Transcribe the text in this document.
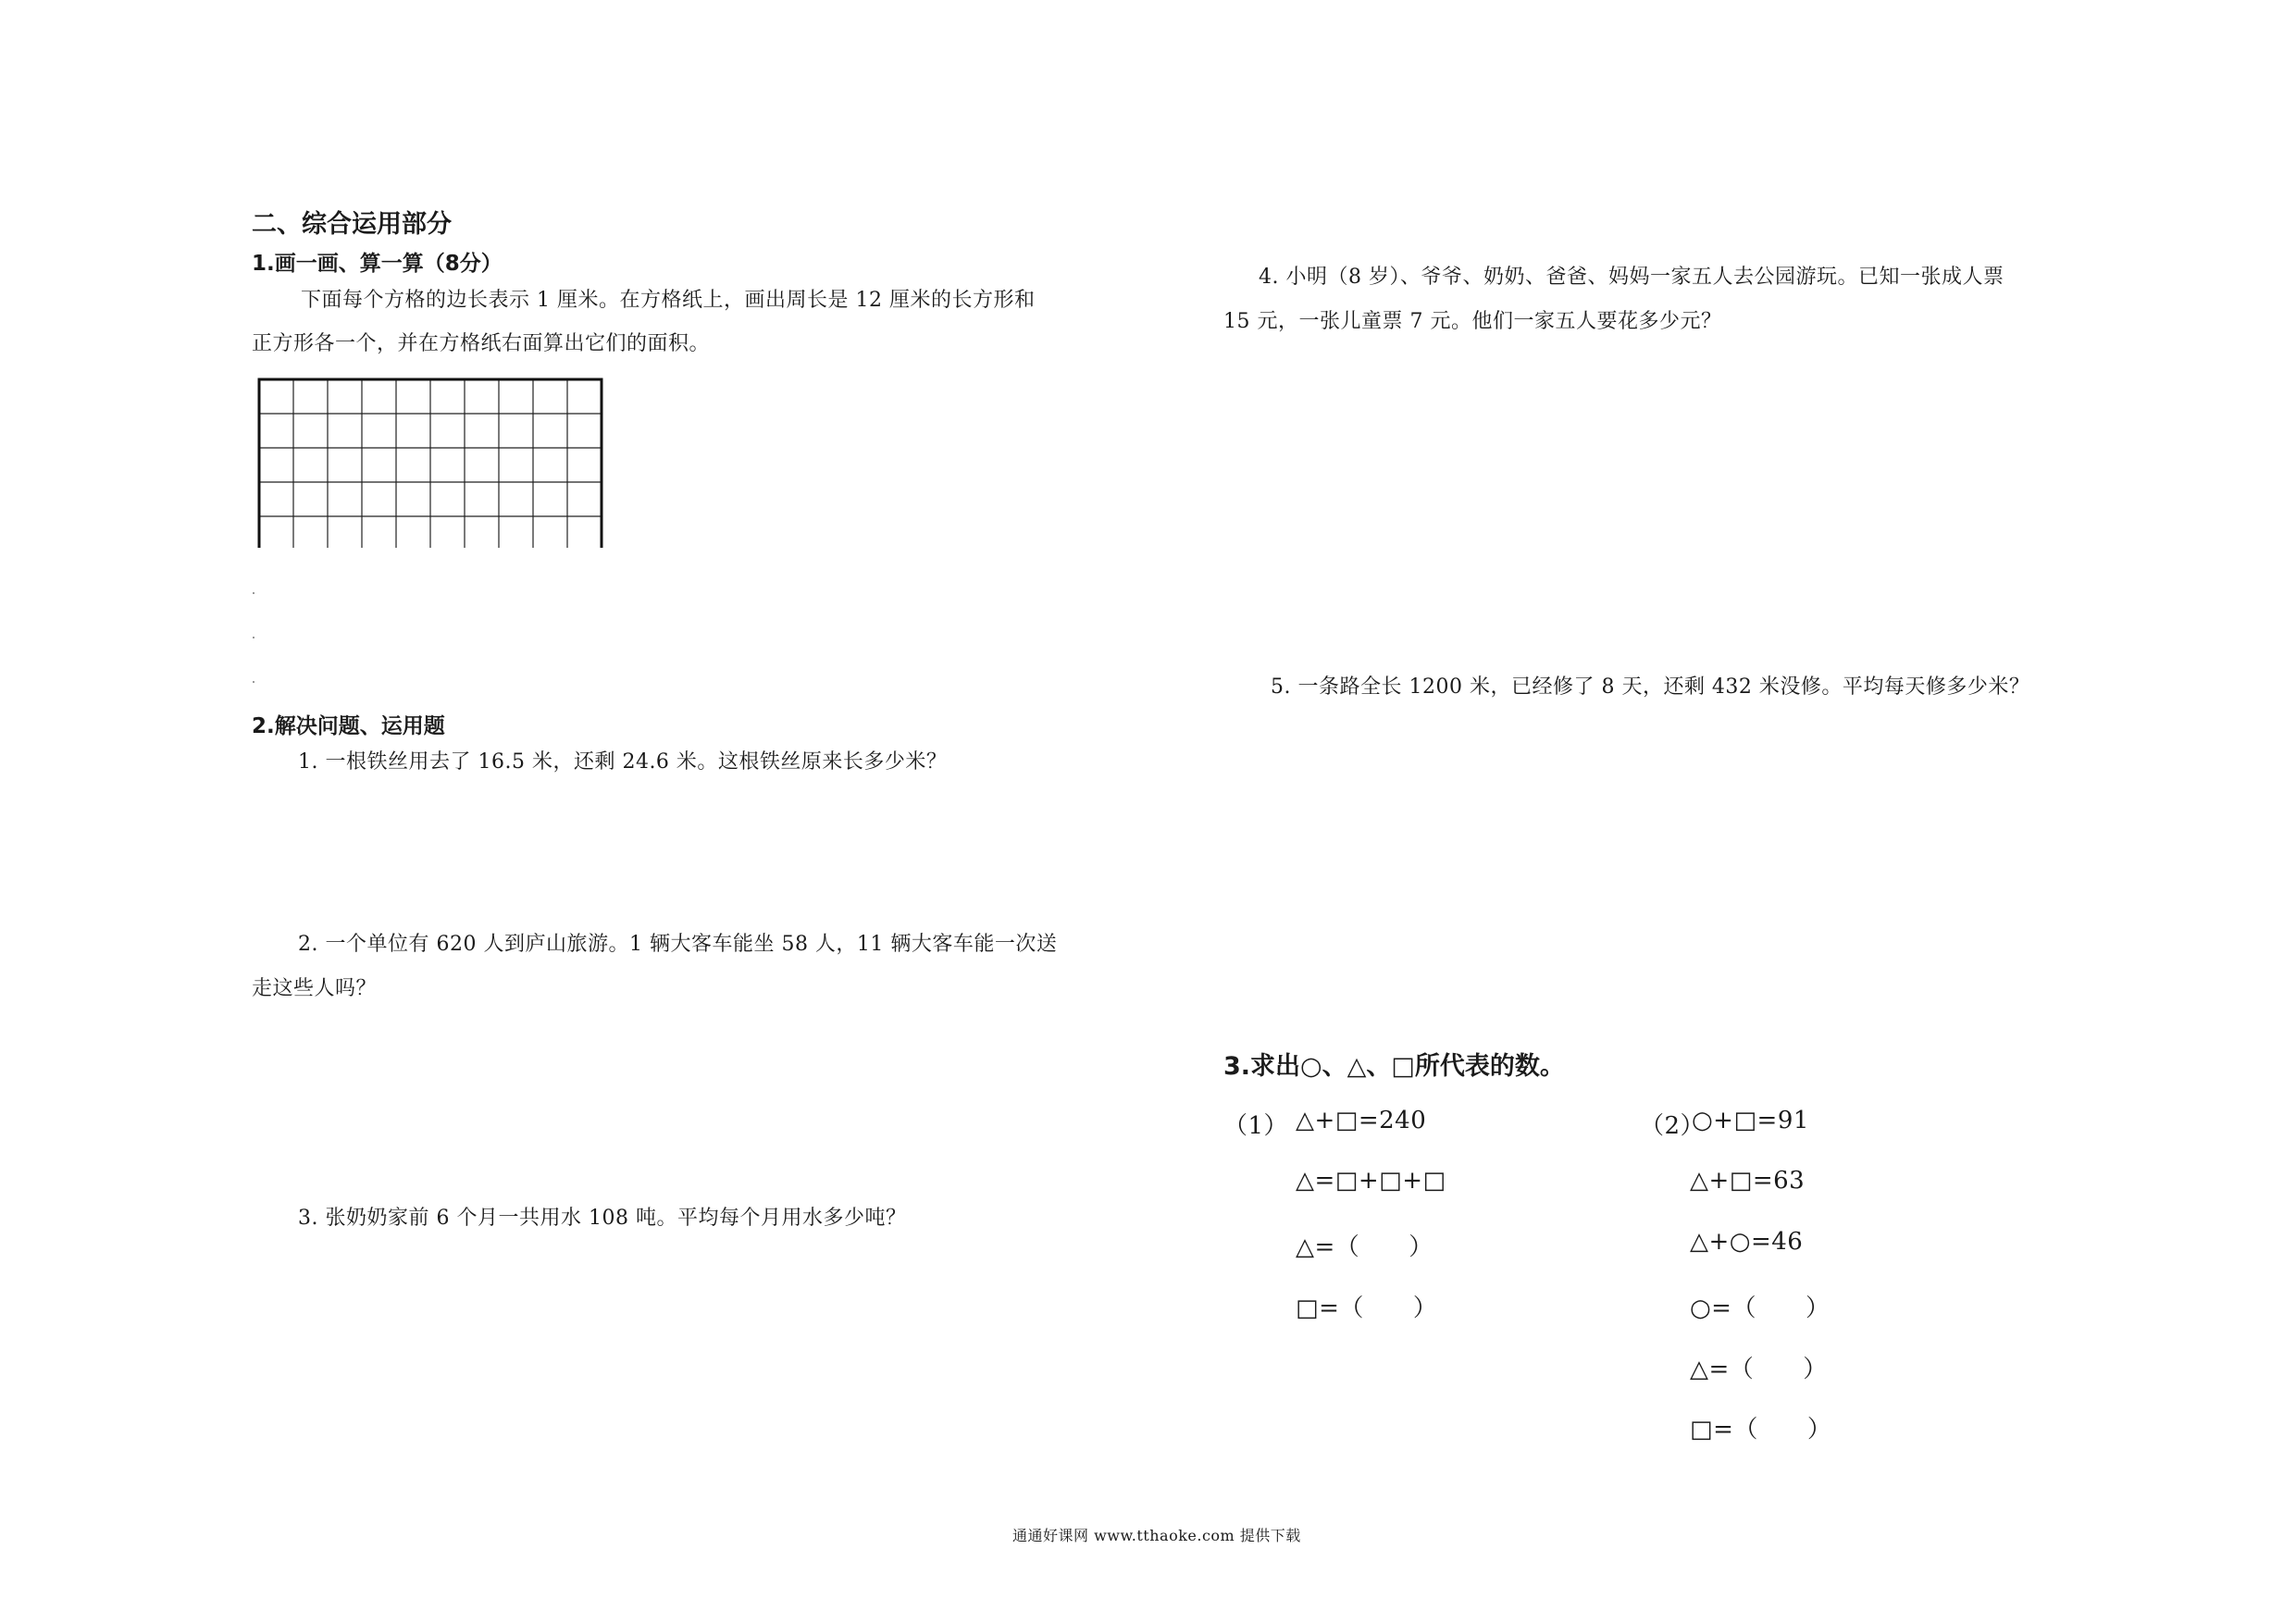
二、综合运用部分
1.画一画、算一算（8分）
下面每个方格的边长表示 1 厘米。在方格纸上，画出周长是 12 厘米的长方形和
正方形各一个，并在方格纸右面算出它们的面积。
2.解决问题、运用题
1. 一根铁丝用去了 16.5 米，还剩 24.6 米。这根铁丝原来长多少米？
2. 一个单位有 620 人到庐山旅游。1 辆大客车能坐 58 人，11 辆大客车能一次送
走这些人吗？
3. 张奶奶家前 6 个月一共用水 108 吨。平均每个月用水多少吨？
4. 小明（8 岁）、爷爷、奶奶、爸爸、妈妈一家五人去公园游玩。已知一张成人票
15 元，一张儿童票 7 元。他们一家五人要花多少元？
5. 一条路全长 1200 米，已经修了 8 天，还剩 432 米没修。平均每天修多少米？
3.求出○、△、□所代表的数。
（1） △+□=240
△=□+□+□
△=（　　）
□=（　　）
（2）
○+□=91
△+□=63
△+○=46
○=（　　）
△=（　　）
□=（　　）
通通好课网 www.tthaoke.com 提供下载
